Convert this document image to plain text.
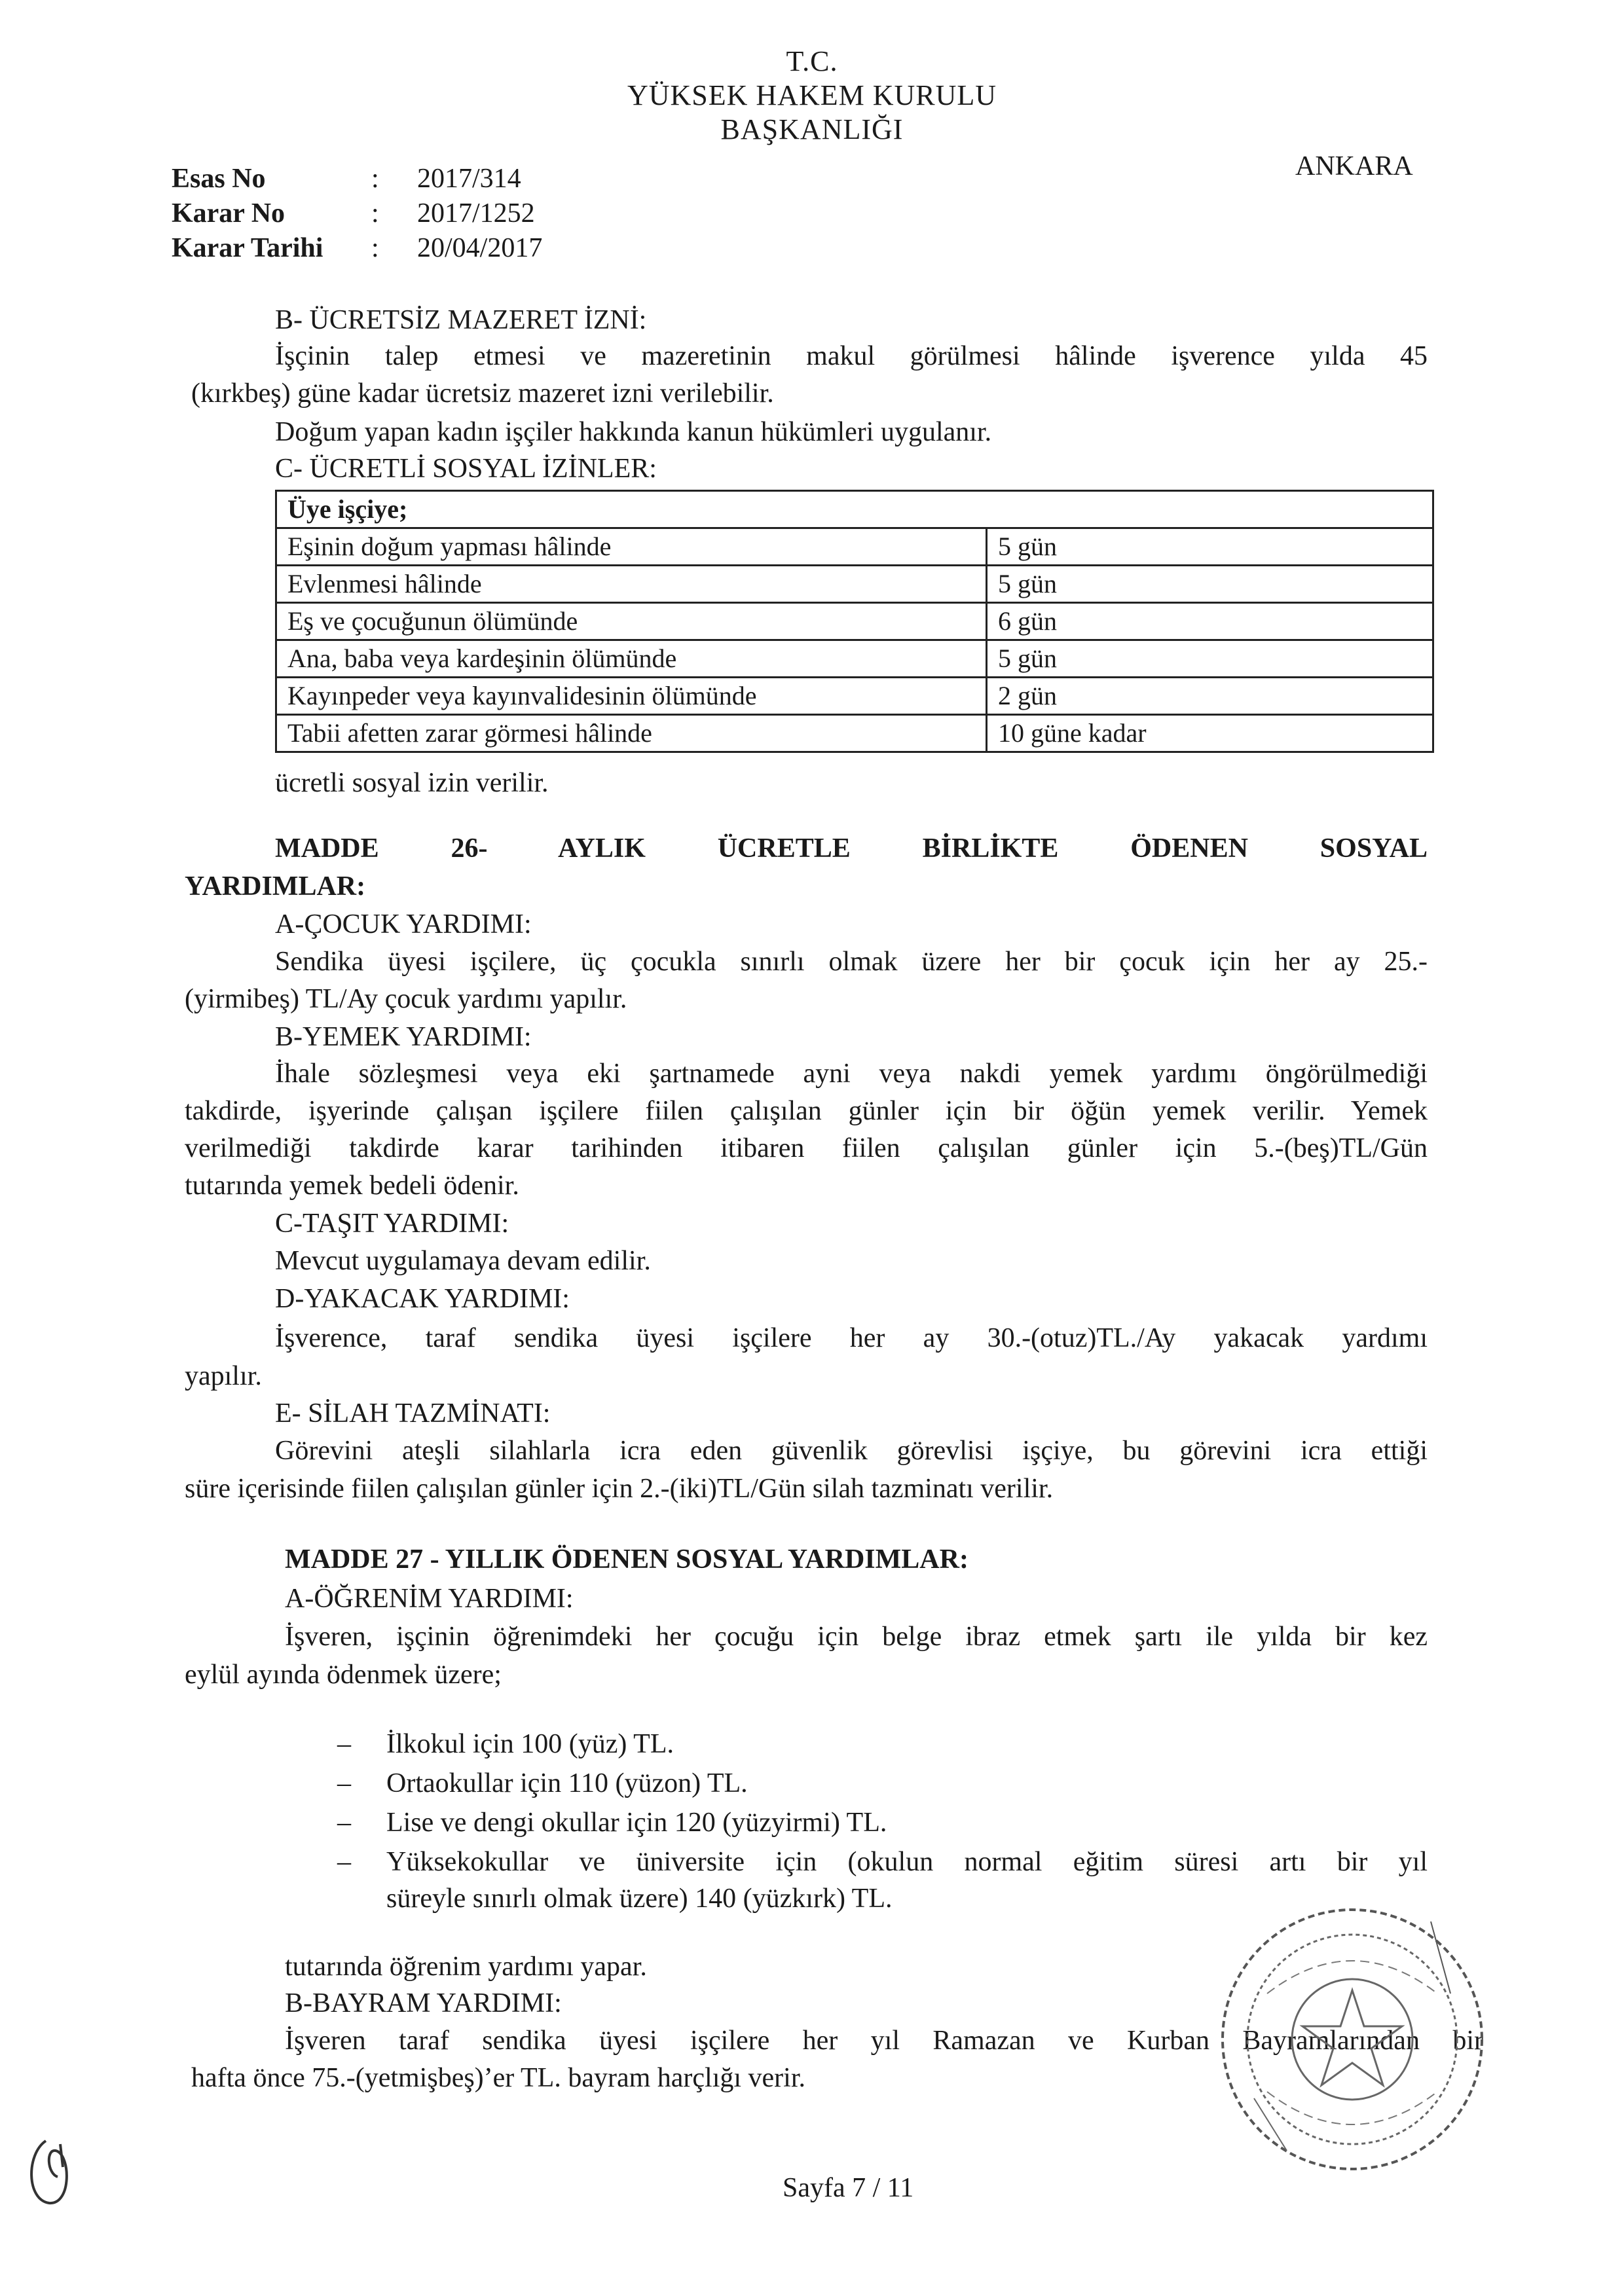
T.C.
YÜKSEK HAKEM KURULU
BAŞKANLIĞI
ANKARA
Esas No	: 2017/314
Karar No	: 2017/1252
Karar Tarihi : 20/04/2017
B- ÜCRETSİZ MAZERET İZNİ:
İşçinin talep etmesi ve mazeretinin makul görülmesi hâlinde işverence yılda 45
(kırkbeş) güne kadar ücretsiz mazeret izni verilebilir.
Doğum yapan kadın işçiler hakkında kanun hükümleri uygulanır.
C- ÜCRETLİ SOSYAL İZİNLER:
Üye işçiye;	
Eşinin doğum yapması hâlinde	5 gün
Evlenmesi hâlinde	5 gün
Eş ve çocuğunun ölümünde	6 gün
Ana, baba veya kardeşinin ölümünde	5 gün
Kayınpeder veya kayınvalidesinin ölümünde	2 gün
Tabii afetten zarar görmesi hâlinde	10 güne kadar
ücretli sosyal izin verilir.
MADDE 26- AYLIK ÜCRETLE BİRLİKTE ÖDENEN SOSYAL
YARDIMLAR:
A-ÇOCUK YARDIMI:
Sendika üyesi işçilere, üç çocukla sınırlı olmak üzere her bir çocuk için her ay 25.-
(yirmibeş) TL/Ay çocuk yardımı yapılır.
B-YEMEK YARDIMI:
İhale sözleşmesi veya eki şartnamede ayni veya nakdi yemek yardımı öngörülmediği
takdirde, işyerinde çalışan işçilere fiilen çalışılan günler için bir öğün yemek verilir. Yemek
verilmediği takdirde karar tarihinden itibaren fiilen çalışılan günler için 5.-(beş)TL/Gün
tutarında yemek bedeli ödenir.
C-TAŞIT YARDIMI:
Mevcut uygulamaya devam edilir.
D-YAKACAK YARDIMI:
İşverence, taraf sendika üyesi işçilere her ay 30.-(otuz)TL./Ay yakacak yardımı
yapılır.
E- SİLAH TAZMİNATI:
Görevini ateşli silahlarla icra eden güvenlik görevlisi işçiye, bu görevini icra ettiği
süre içerisinde fiilen çalışılan günler için 2.-(iki)TL/Gün silah tazminatı verilir.
MADDE 27 - YILLIK ÖDENEN SOSYAL YARDIMLAR:
A-ÖĞRENİM YARDIMI:
İşveren, işçinin öğrenimdeki her çocuğu için belge ibraz etmek şartı ile yılda bir kez
eylül ayında ödenmek üzere;
– İlkokul için 100 (yüz) TL.
– Ortaokullar için 110 (yüzon) TL.
– Lise ve dengi okullar için 120 (yüzyirmi) TL.
– Yüksekokullar ve üniversite için (okulun normal eğitim süresi artı bir yıl
süreyle sınırlı olmak üzere) 140 (yüzkırk) TL.
tutarında öğrenim yardımı yapar.
B-BAYRAM YARDIMI:
İşveren taraf sendika üyesi işçilere her yıl Ramazan ve Kurban Bayramlarından bir
hafta önce 75.-(yetmişbeş)’er TL. bayram harçlığı verir.
Sayfa 7 / 11
